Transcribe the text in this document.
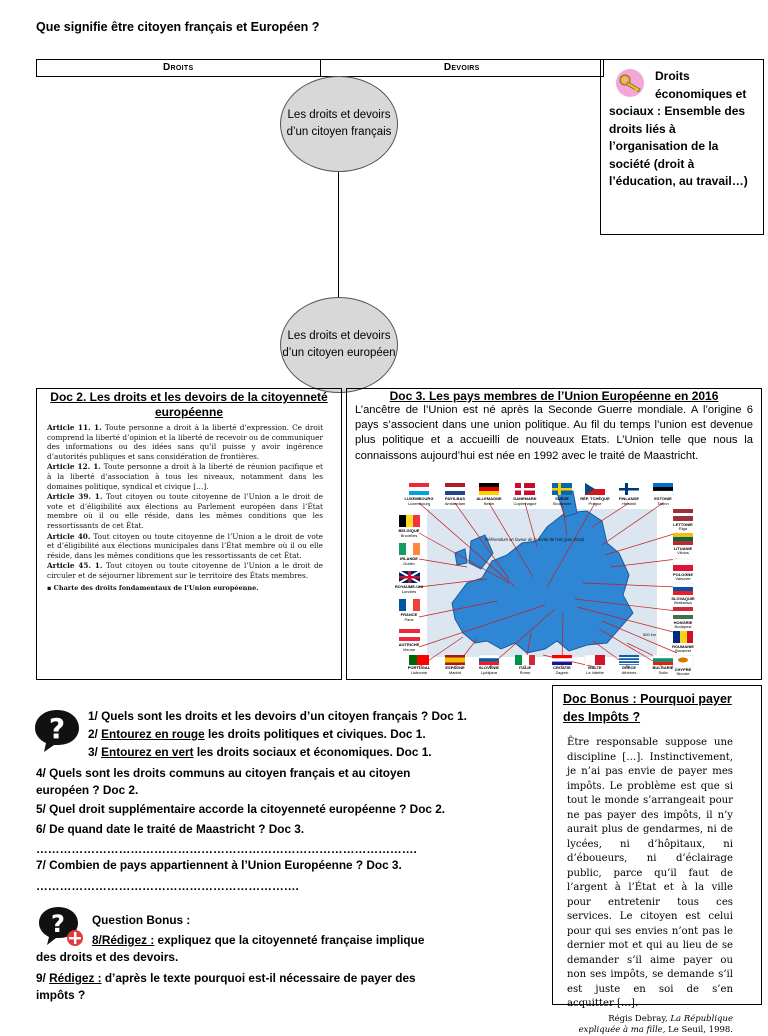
Que signifie être citoyen français et Européen ?
Droits	Devoirs
Les droits et devoirs d’un citoyen français
Les droits et devoirs d’un citoyen européen
Droits économiques et sociaux : Ensemble des droits liés à l’organisation de la société (droit à l’éducation, au travail…)
Doc 2. Les droits et les devoirs de la citoyenneté européenne

Article 11. 1. Toute personne a droit à la liberté d’expression. Ce droit comprend la liberté d’opinion et la liberté de recevoir ou de communiquer des informations ou des idées sans qu’il puisse y avoir ingérence d’autorités publiques et sans considération de frontières.

Article 12. 1. Toute personne a droit à la liberté de réunion pacifique et à la liberté d’association à tous les niveaux, notamment dans les domaines politique, syndical et civique […].

Article 39. 1. Tout citoyen ou toute citoyenne de l’Union a le droit de vote et d’éligibilité aux élections au Parlement européen dans l’État membre où il ou elle réside, dans les mêmes conditions que les ressortissants de cet État.

Article 40. Tout citoyen ou toute citoyenne de l’Union a le droit de vote et d’éligibilité aux élections municipales dans l’État membre où il ou elle réside, dans les mêmes conditions que les ressortissants de cet État.

Article 45. 1. Tout citoyen ou toute citoyenne de l’Union a le droit de circuler et de séjourner librement sur le territoire des États membres.

▪ Charte des droits fondamentaux de l’Union européenne.

Doc 3. Les pays membres de l’Union Européenne en 2016
L’ancêtre de l’Union est né après la Seconde Guerre mondiale. A l’origine 6 pays s’associent dans une union politique. Au fil du temps l’union est devenue plus politique et a accueilli de nouveaux Etats. L’Union telle que nous la connaissons aujourd’hui est née en 1992 avec le traité de Maastricht.
Référendum en faveur de la sortie de l’UE (juin 2016)
500 km
LUXEMBOURG
Luxembourg
PAYS-BAS
Amsterdam
ALLEMAGNE
Berlin
DANEMARK
Copenhague
SUÈDE
Stockholm
RÉP. TCHÈQUE
Prague
FINLANDE
Helsinki
ESTONIE
Tallinn
BELGIQUE
Bruxelles
IRLANDE
Dublin
ROYAUME-UNI
Londres
FRANCE
Paris
AUTRICHE
Vienne
LETTONIE
Riga
LITUANIE
Vilnius
POLOGNE
Varsovie
SLOVAQUIE
Bratislava
HONGRIE
Budapest
ROUMANIE
Bucarest
CHYPRE
Nicosie
PORTUGAL
Lisbonne
ESPAGNE
Madrid
SLOVÉNIE
Ljubljana
ITALIE
Rome
CROATIE
Zagreb
MALTE
La Valette
GRÈCE
Athènes
BULGARIE
Sofia
Doc Bonus : Pourquoi payer des Impôts ?
Être responsable suppose une discipline […]. Instinctivement, je n’ai pas envie de payer mes impôts. Le problème est que si tout le monde s’arrangeait pour ne pas payer des impôts, il n’y aurait plus de gendarmes, ni de lycées, ni d’hôpitaux, ni d’éboueurs, ni d’éclairage public, parce qu’il faut de l’argent à l’État et à la ville pour entretenir tous ces services. Le citoyen est celui pour qui ses envies n’ont pas le dernier mot et qui au lieu de se demander s’il aime payer ou non ses impôts, se demande s’il est juste en soi de s’en acquitter […].
Régis Debray, La République expliquée à ma fille, Le Seuil, 1998.
? 1/ Quels sont les droits et les devoirs d’un citoyen français ? Doc 1.
2/ Entourez en rouge les droits politiques et civiques. Doc 1.
3/ Entourez en vert les droits sociaux et économiques. Doc 1.
4/ Quels sont les droits communs au citoyen français et au citoyen européen ? Doc 2.
5/ Quel droit supplémentaire accorde la citoyenneté européenne ? Doc 2.
6/ De quand date le traité de Maastricht ? Doc 3.
…………………………………………………………………………………….
7/ Combien de pays appartiennent à l’Union Européenne ? Doc 3.
………………………………………………………….
? Question Bonus :
8/Rédigez : expliquez que la citoyenneté française implique des droits et des devoirs.
9/ Rédigez : d’après le texte pourquoi est-il nécessaire de payer des impôts ?
